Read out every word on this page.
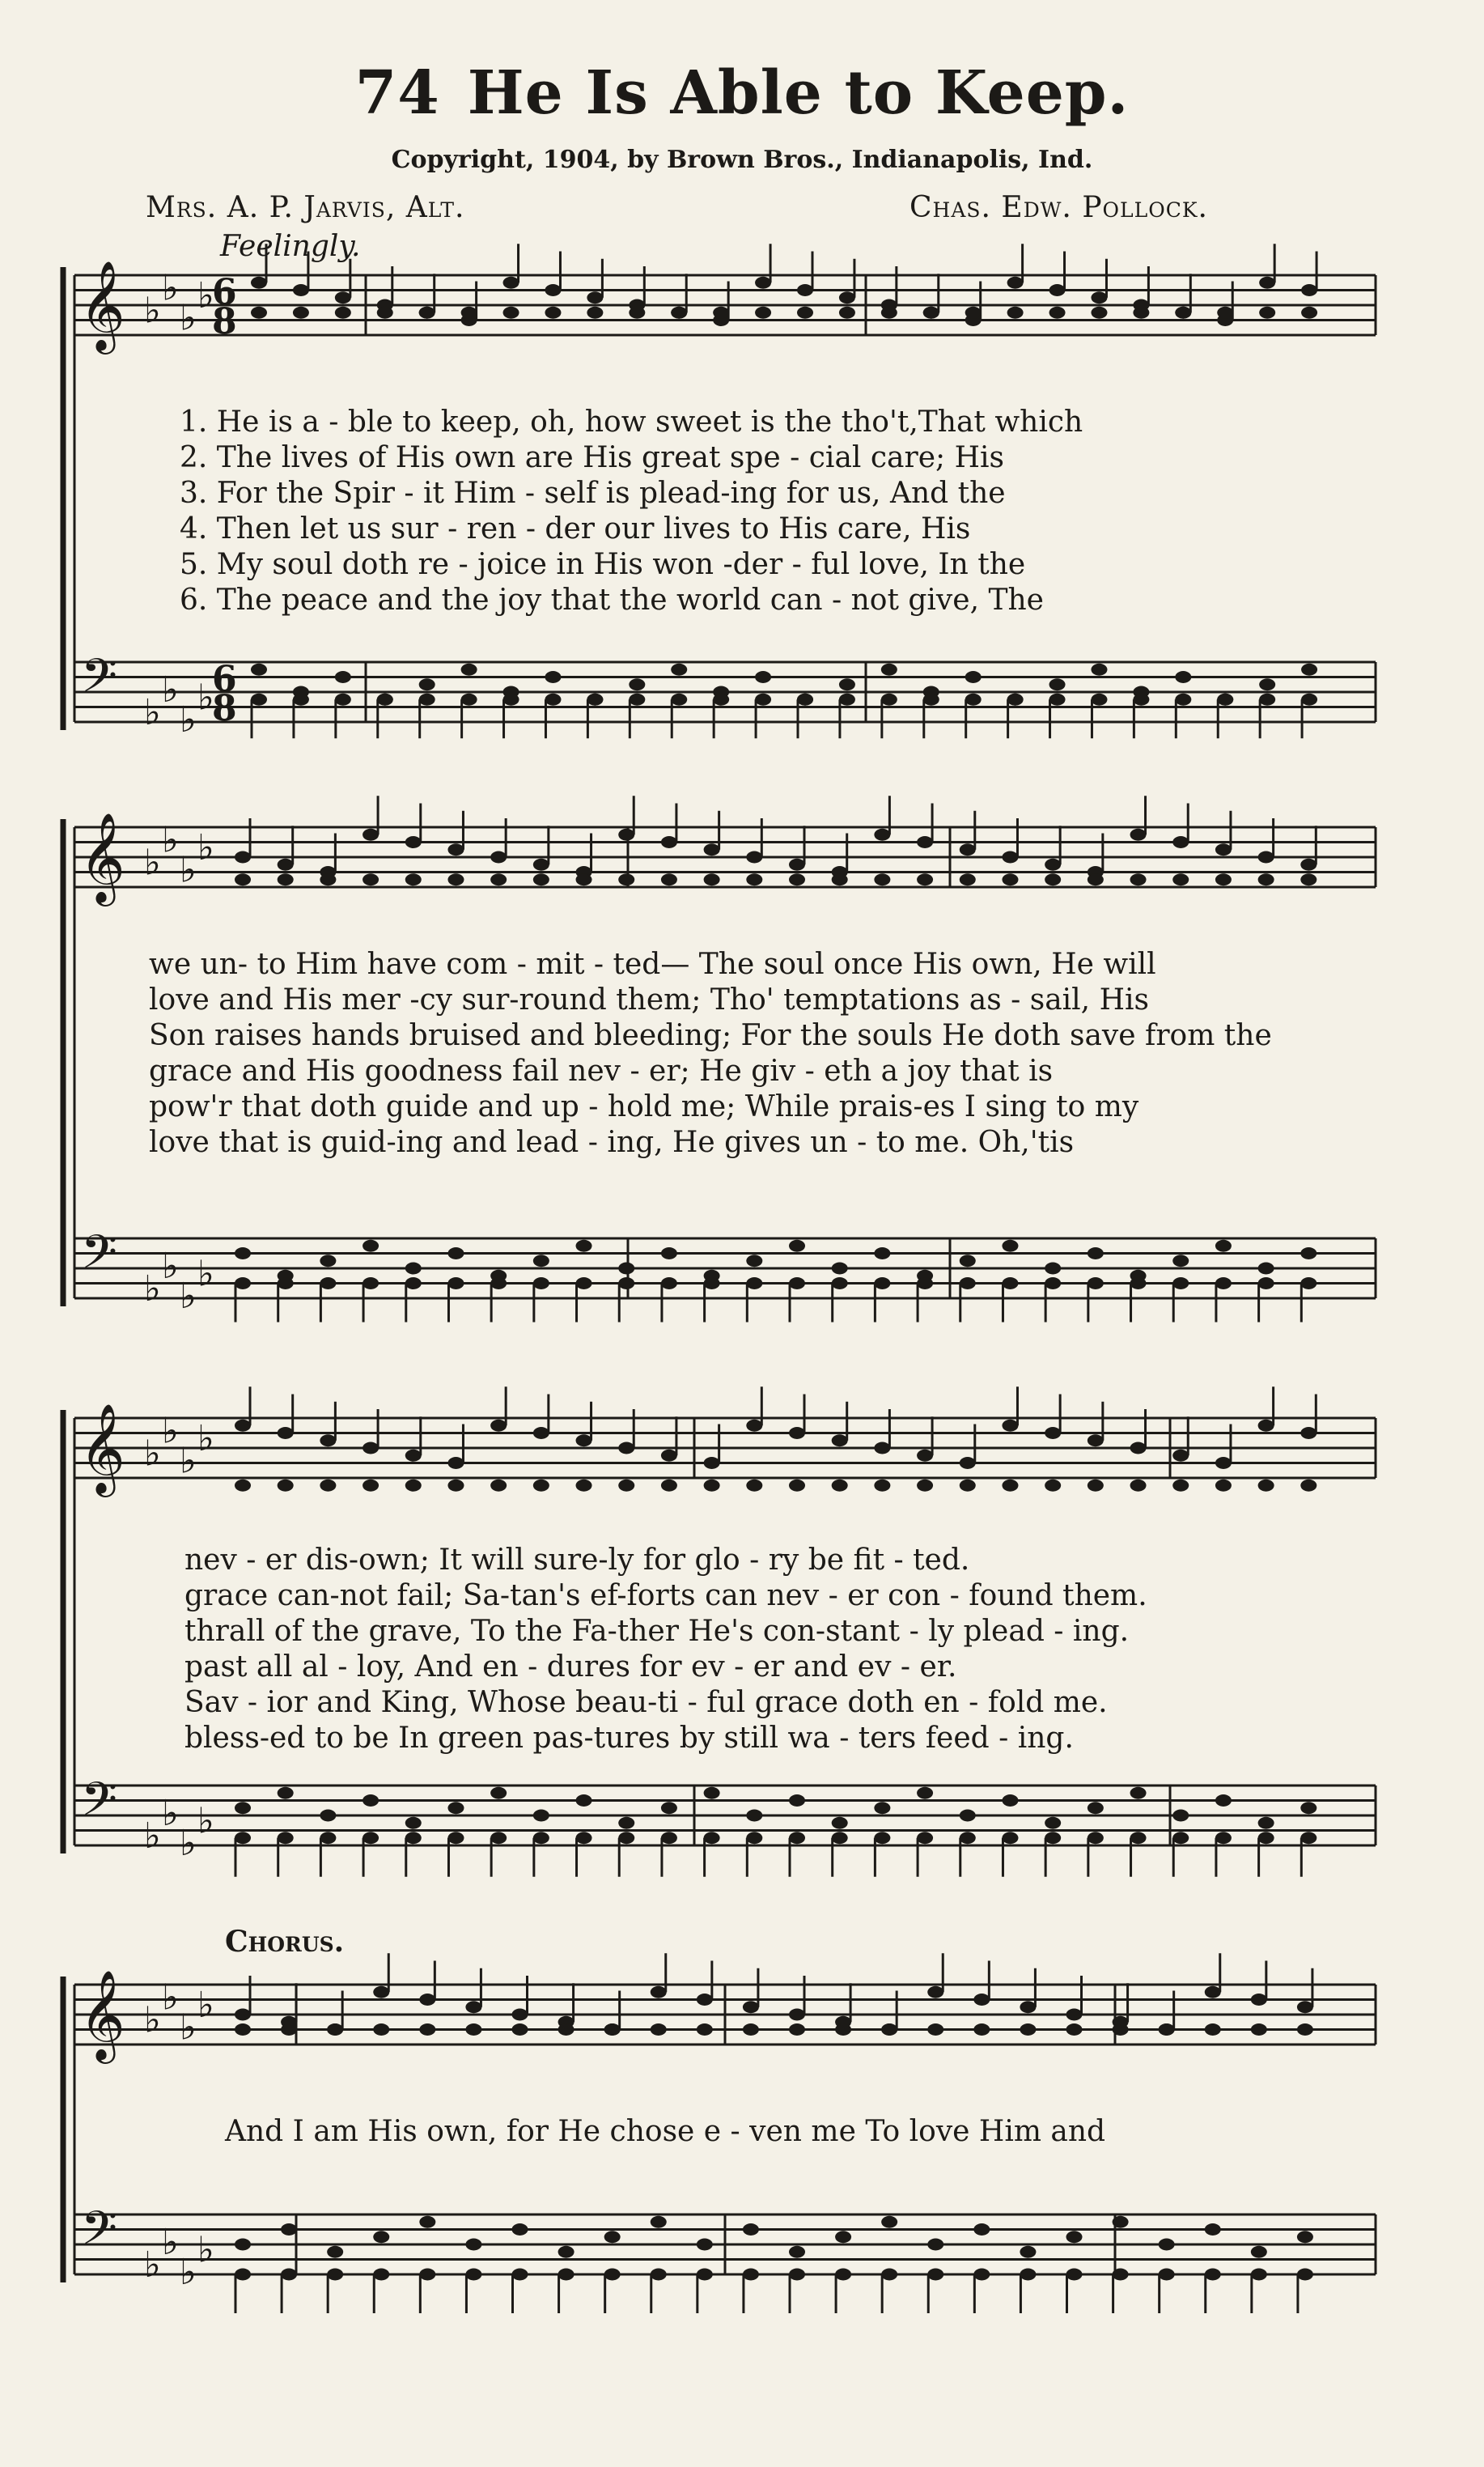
74 He Is Able to Keep.
Copyright, 1904, by Brown Bros., Indianapolis, Ind.
Mrs. A. P. Jarvis, Alt.	Chas. Edw. Pollock.
Feelingly.
Chorus.
1. He is a - ble to keep, oh, how sweet is the tho't,That which
2. The lives of His own are His great spe - cial care; His
3. For the Spir - it Him - self is plead-ing for us, And the
4. Then let us sur - ren - der our lives to His care, His
5. My soul doth re - joice in His won -der - ful love, In the
6. The peace and the joy that the world can - not give, The
we un- to Him have com - mit - ted— The soul once His own, He will
love and His mer -cy sur-round them; Tho' temptations as - sail, His
Son raises hands bruised and bleeding; For the souls He doth save from the
grace and His goodness fail nev - er; He giv - eth a joy that is
pow'r that doth guide and up - hold me; While prais-es I sing to my
love that is guid-ing and lead - ing, He gives un - to me. Oh,'tis
nev - er dis-own; It will sure-ly for glo - ry be fit - ted.
grace can-not fail; Sa-tan's ef-forts can nev - er con - found them.
thrall of the grave, To the Fa-ther He's con-stant - ly plead - ing.
past all al - loy, And en - dures for ev - er and ev - er.
Sav - ior and King, Whose beau-ti - ful grace doth en - fold me.
bless-ed to be In green pas-tures by still wa - ters feed - ing.
And I am His own, for He chose e - ven me To love Him and
𝄞
𝄢
♭
♭
♭
♭
♭
♭
♭
♭
6
8
6
8
𝄞
𝄢
♭
♭
♭
♭
♭
♭
♭
♭
𝄞
𝄢
♭
♭
♭
♭
♭
♭
♭
♭
𝄞
𝄢
♭
♭
♭
♭
♭
♭
♭
♭
